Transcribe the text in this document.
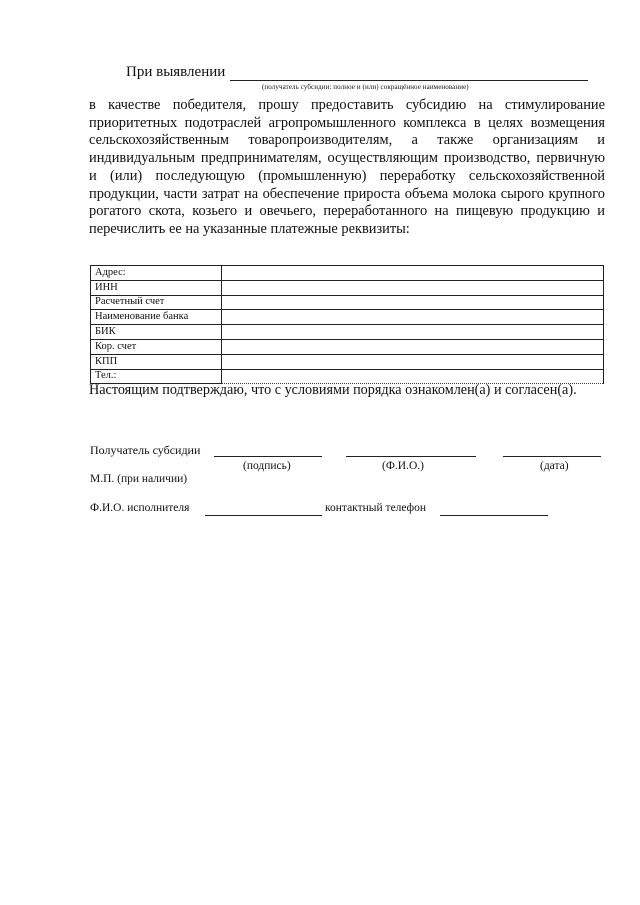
При выявлении
(получатель субсидии: полное и (или) сокращённое наименование)

в качестве победителя, прошу предоставить субсидию на стимулирование приоритетных подотраслей агропромышленного комплекса в целях возмещения сельскохозяйственным товаропроизводителям, а также организациям и индивидуальным предпринимателям, осуществляющим производство, первичную и (или) последующую (промышленную) переработку сельскохозяйственной продукции, части затрат на обеспечение прироста объема молока сырого крупного рогатого скота, козьего и овечьего, переработанного на пищевую продукцию и перечислить ее на указанные платежные реквизиты:

Адрес:	
ИНН	
Расчетный счет	
Наименование банка	
БИК	
Кор. счет	
КПП	
Тел.:	
Настоящим подтверждаю, что с условиями порядка ознакомлен(а) и согласен(а).
Получатель субсидии
(подпись)	(Ф.И.О.)	(дата)
М.П. (при наличии)
Ф.И.О. исполнителя	контактный телефон
